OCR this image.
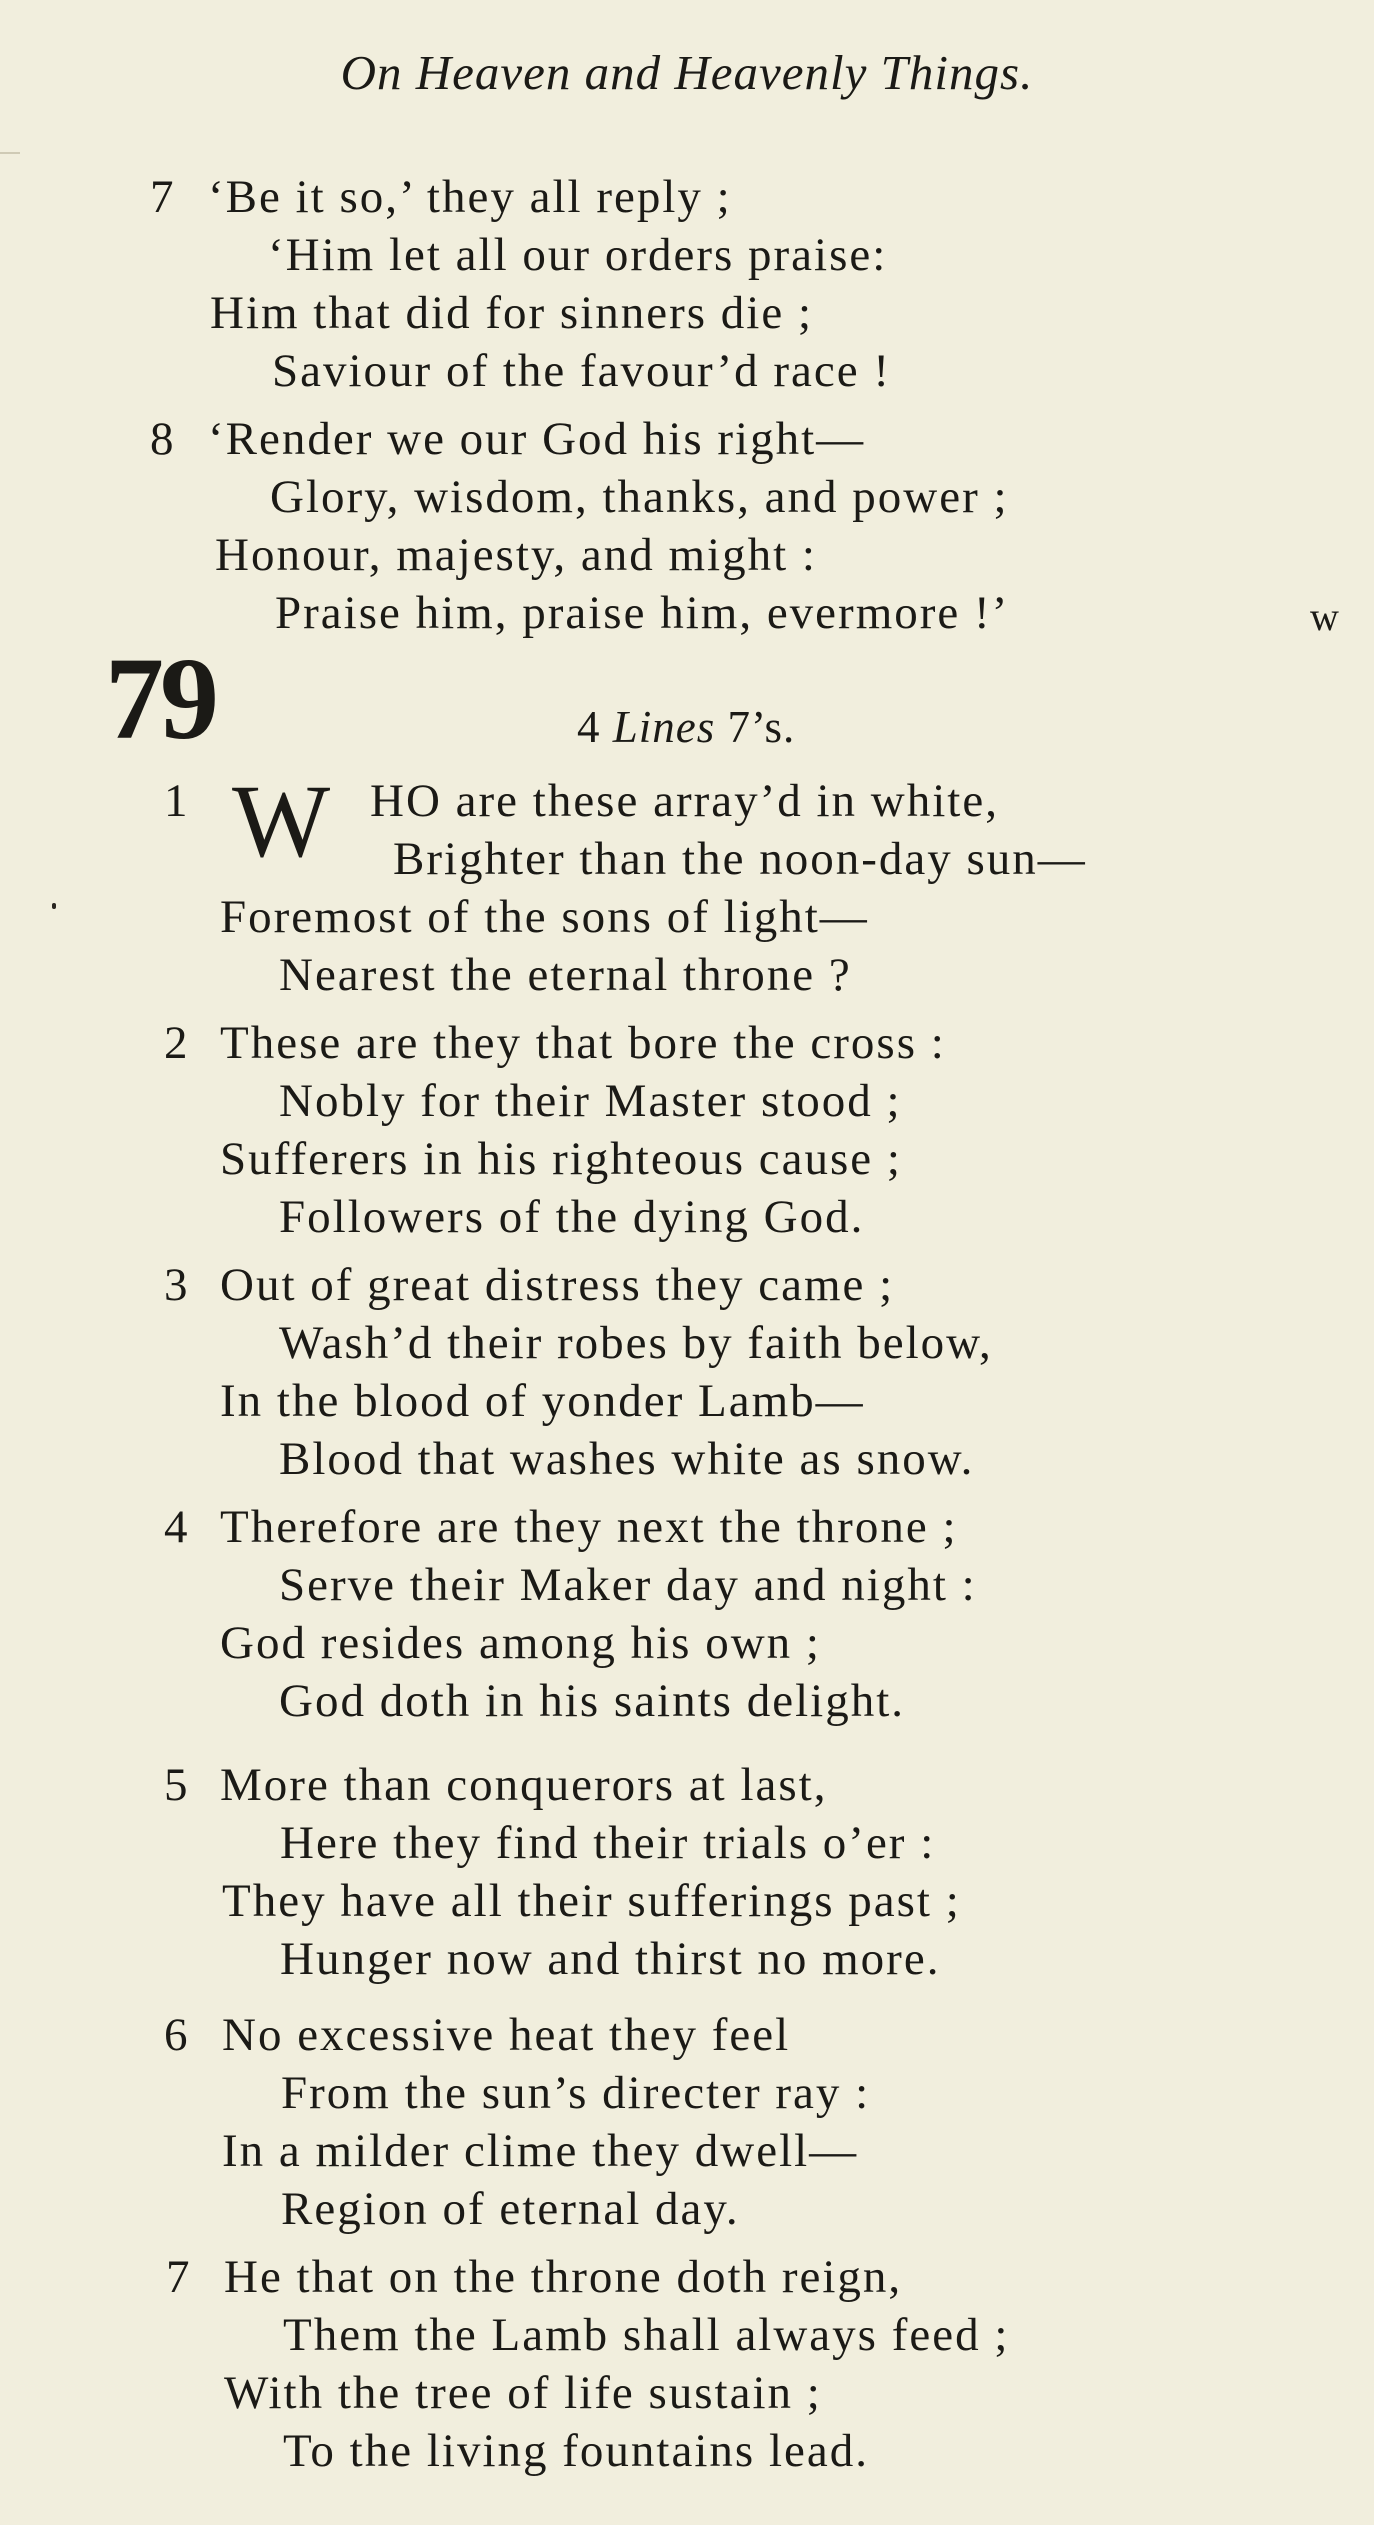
On Heaven and Heavenly Things.
7 ‘Be it so,’ they all reply ;
‘Him let all our orders praise:
Him that did for sinners die ;
Saviour of the favour’d race !
8 ‘Render we our God his right—
Glory, wisdom, thanks, and power ;
Honour, majesty, and might :
Praise him, praise him, evermore !’	w
79	4 Lines 7’s.
1 W HO are these array’d in white,
Brighter than the noon-day sun—
Foremost of the sons of light—
Nearest the eternal throne ?
2 These are they that bore the cross :
Nobly for their Master stood ;
Sufferers in his righteous cause ;
Followers of the dying God.
3 Out of great distress they came ;
Wash’d their robes by faith below,
In the blood of yonder Lamb—
Blood that washes white as snow.
4 Therefore are they next the throne ;
Serve their Maker day and night :
God resides among his own ;
God doth in his saints delight.
5 More than conquerors at last,
Here they find their trials o’er :
They have all their sufferings past ;
Hunger now and thirst no more.
6 No excessive heat they feel
From the sun’s directer ray :
In a milder clime they dwell—
Region of eternal day.
7 He that on the throne doth reign,
Them the Lamb shall always feed ;
With the tree of life sustain ;
To the living fountains lead.
